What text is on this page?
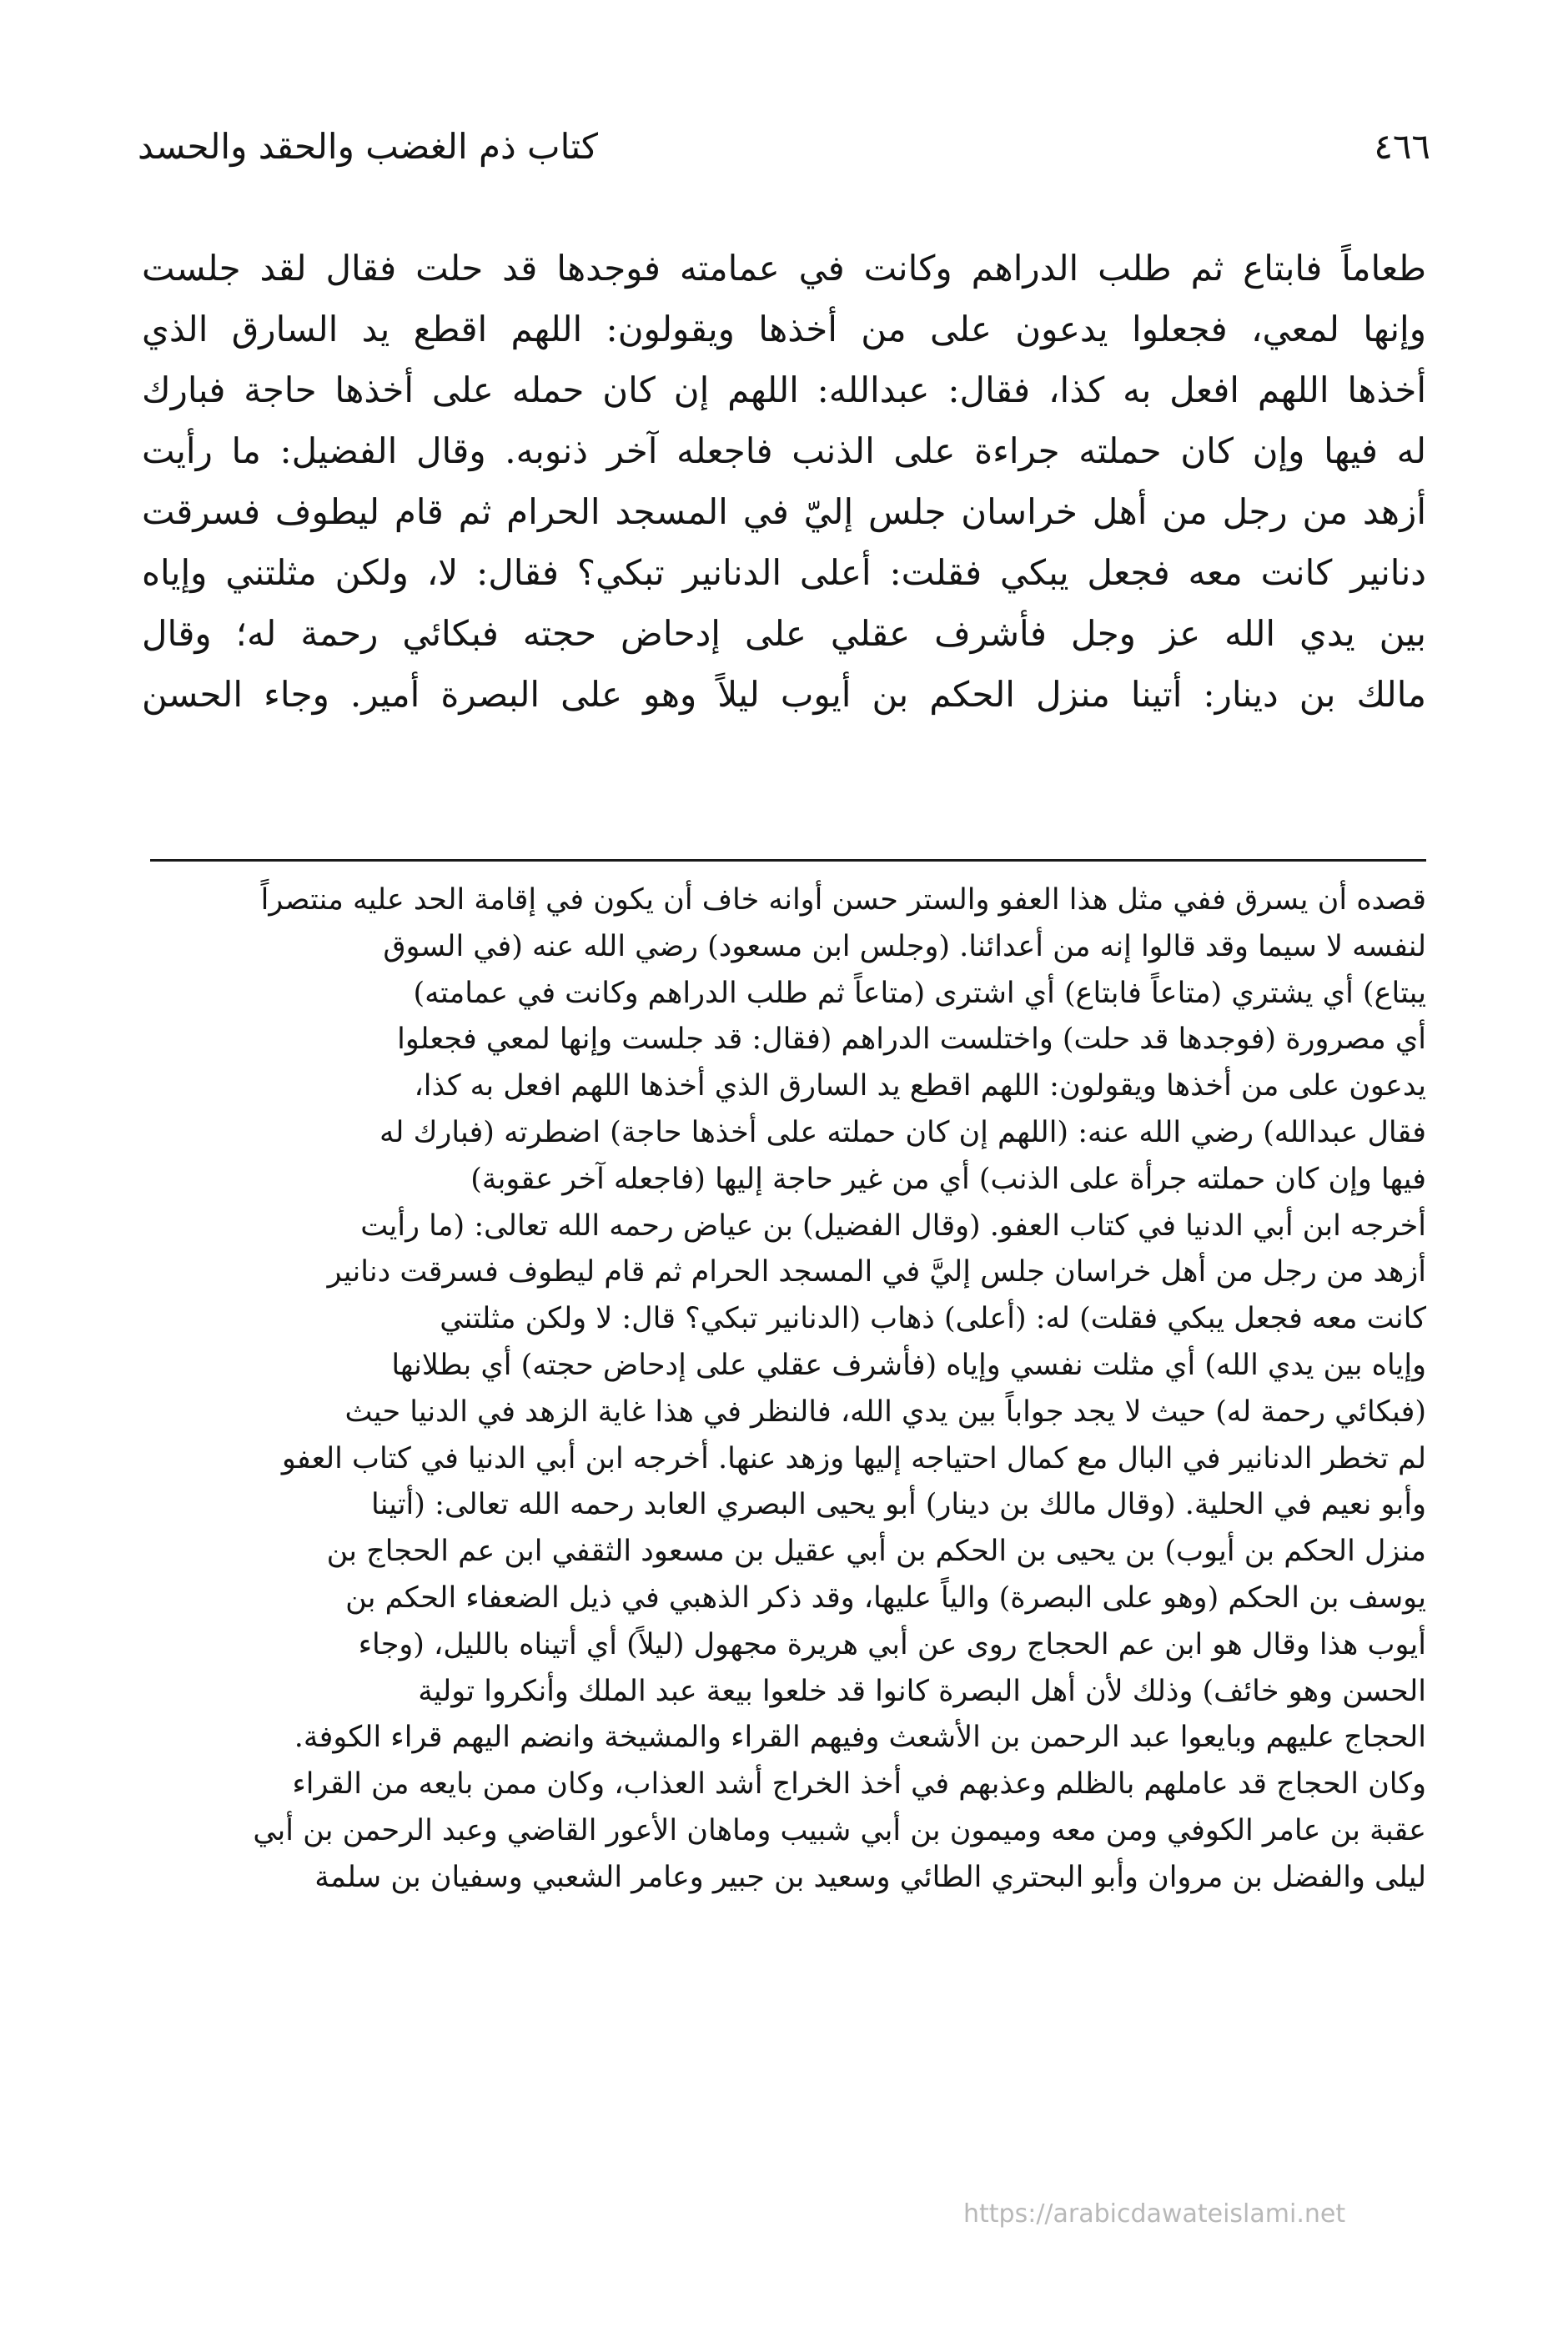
٤٦٦
كتاب ذم الغضب والحقد والحسد
طعاماً فابتاع ثم طلب الدراهم وكانت في عمامته فوجدها قد حلت فقال لقد جلست
وإنها لمعي، فجعلوا يدعون على من أخذها ويقولون: اللهم اقطع يد السارق الذي
أخذها اللهم افعل به كذا، فقال: عبدالله: اللهم إن كان حمله على أخذها حاجة فبارك
له فيها وإن كان حملته جراءة على الذنب فاجعله آخر ذنوبه. وقال الفضيل: ما رأيت
أزهد من رجل من أهل خراسان جلس إليّ في المسجد الحرام ثم قام ليطوف فسرقت
دنانير كانت معه فجعل يبكي فقلت: أعلى الدنانير تبكي؟ فقال: لا، ولكن مثلتني وإياه
بين يدي الله عز وجل فأشرف عقلي على إدحاض حجته فبكائي رحمة له؛ وقال
مالك بن دينار: أتينا منزل الحكم بن أيوب ليلاً وهو على البصرة أمير. وجاء الحسن
قصده أن يسرق ففي مثل هذا العفو والستر حسن أوانه خاف أن يكون في إقامة الحد عليه منتصراً
لنفسه لا سيما وقد قالوا إنه من أعدائنا. (وجلس ابن مسعود) رضي الله عنه (في السوق
يبتاع) أي يشتري (متاعاً فابتاع) أي اشترى (متاعاً ثم طلب الدراهم وكانت في عمامته)
أي مصرورة (فوجدها قد حلت) واختلست الدراهم (فقال: قد جلست وإنها لمعي فجعلوا
يدعون على من أخذها ويقولون: اللهم اقطع يد السارق الذي أخذها اللهم افعل به كذا،
فقال عبدالله) رضي الله عنه: (اللهم إن كان حملته على أخذها حاجة) اضطرته (فبارك له
فيها وإن كان حملته جرأة على الذنب) أي من غير حاجة إليها (فاجعله آخر عقوبة)
أخرجه ابن أبي الدنيا في كتاب العفو. (وقال الفضيل) بن عياض رحمه الله تعالى: (ما رأيت
أزهد من رجل من أهل خراسان جلس إليَّ في المسجد الحرام ثم قام ليطوف فسرقت دنانير
كانت معه فجعل يبكي فقلت) له: (أعلى) ذهاب (الدنانير تبكي؟ قال: لا ولكن مثلتني
وإياه بين يدي الله) أي مثلت نفسي وإياه (فأشرف عقلي على إدحاض حجته) أي بطلانها
(فبكائي رحمة له) حيث لا يجد جواباً بين يدي الله، فالنظر في هذا غاية الزهد في الدنيا حيث
لم تخطر الدنانير في البال مع كمال احتياجه إليها وزهد عنها. أخرجه ابن أبي الدنيا في كتاب العفو
وأبو نعيم في الحلية. (وقال مالك بن دينار) أبو يحيى البصري العابد رحمه الله تعالى: (أتينا
منزل الحكم بن أيوب) بن يحيى بن الحكم بن أبي عقيل بن مسعود الثقفي ابن عم الحجاج بن
يوسف بن الحكم (وهو على البصرة) والياً عليها، وقد ذكر الذهبي في ذيل الضعفاء الحكم بن
أيوب هذا وقال هو ابن عم الحجاج روى عن أبي هريرة مجهول (ليلاً) أي أتيناه بالليل، (وجاء
الحسن وهو خائف) وذلك لأن أهل البصرة كانوا قد خلعوا بيعة عبد الملك وأنكروا تولية
الحجاج عليهم وبايعوا عبد الرحمن بن الأشعث وفيهم القراء والمشيخة وانضم اليهم قراء الكوفة.
وكان الحجاج قد عاملهم بالظلم وعذبهم في أخذ الخراج أشد العذاب، وكان ممن بايعه من القراء
عقبة بن عامر الكوفي ومن معه وميمون بن أبي شبيب وماهان الأعور القاضي وعبد الرحمن بن أبي
ليلى والفضل بن مروان وأبو البحتري الطائي وسعيد بن جبير وعامر الشعبي وسفيان بن سلمة
https://arabicdawateislami.net
